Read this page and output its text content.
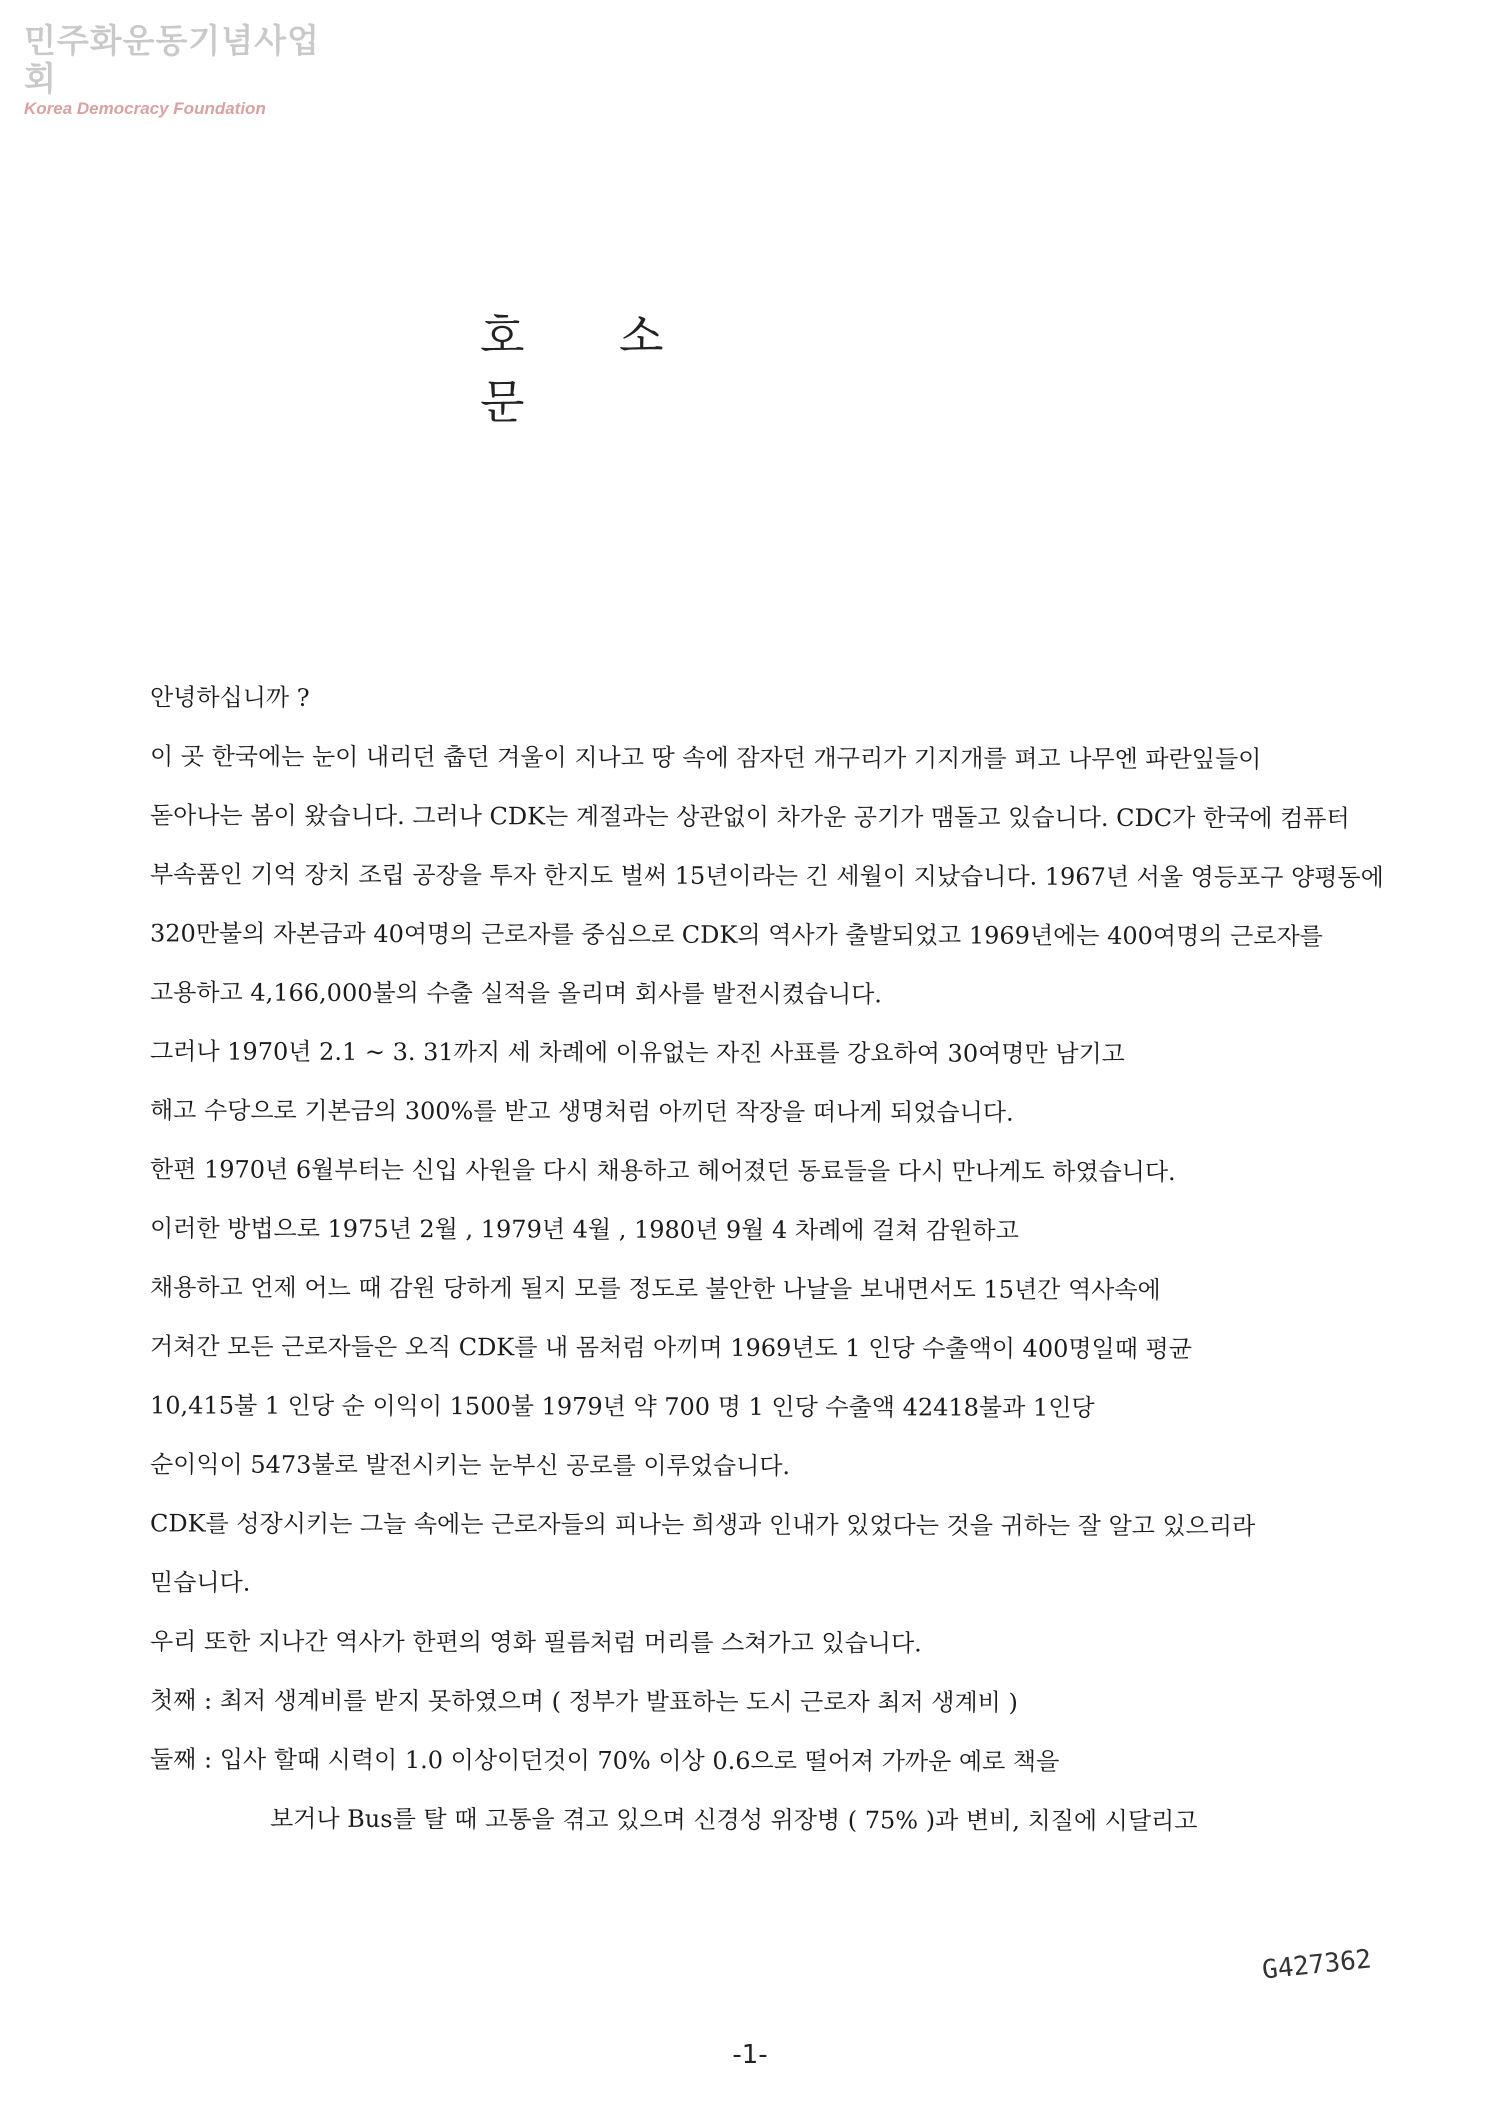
민주화운동기념사업회
Korea Democracy Foundation
호 소 문
안녕하십니까 ?
이 곳 한국에는 눈이 내리던 춥던 겨울이 지나고 땅 속에 잠자던 개구리가 기지개를 펴고 나무엔 파란잎들이
돋아나는 봄이 왔습니다. 그러나 CDK는 계절과는 상관없이 차가운 공기가 맴돌고 있습니다. CDC가 한국에 컴퓨터
부속품인 기억 장치 조립 공장을 투자 한지도 벌써 15년이라는 긴 세월이 지났습니다. 1967년 서울 영등포구 양평동에
320만불의 자본금과 40여명의 근로자를 중심으로 CDK의 역사가 출발되었고 1969년에는 400여명의 근로자를
고용하고 4,166,000불의 수출 실적을 올리며 회사를 발전시켰습니다.
그러나 1970년 2.1 ~ 3. 31까지 세 차례에 이유없는 자진 사표를 강요하여 30여명만 남기고
해고 수당으로 기본금의 300%를 받고 생명처럼 아끼던 작장을 떠나게 되었습니다.
한편 1970년 6월부터는 신입 사원을 다시 채용하고 헤어졌던 동료들을 다시 만나게도 하였습니다.
이러한 방법으로 1975년 2월 , 1979년 4월 , 1980년 9월 4 차례에 걸쳐 감원하고
채용하고 언제 어느 때 감원 당하게 될지 모를 정도로 불안한 나날을 보내면서도 15년간 역사속에
거쳐간 모든 근로자들은 오직 CDK를 내 몸처럼 아끼며 1969년도 1 인당 수출액이 400명일때 평균
10,415불 1 인당 순 이익이 1500불 1979년 약 700 명 1 인당 수출액 42418불과 1인당
순이익이 5473불로 발전시키는 눈부신 공로를 이루었습니다.
CDK를 성장시키는 그늘 속에는 근로자들의 피나는 희생과 인내가 있었다는 것을 귀하는 잘 알고 있으리라
믿습니다.
우리 또한 지나간 역사가 한편의 영화 필름처럼 머리를 스쳐가고 있습니다.
첫째 : 최저 생계비를 받지 못하였으며 ( 정부가 발표하는 도시 근로자 최저 생계비 )
둘째 : 입사 할때 시력이 1.0 이상이던것이 70% 이상 0.6으로 떨어져 가까운 예로 책을
보거나 Bus를 탈 때 고통을 겪고 있으며 신경성 위장병 ( 75% )과 변비, 치질에 시달리고
G427362
-1-
